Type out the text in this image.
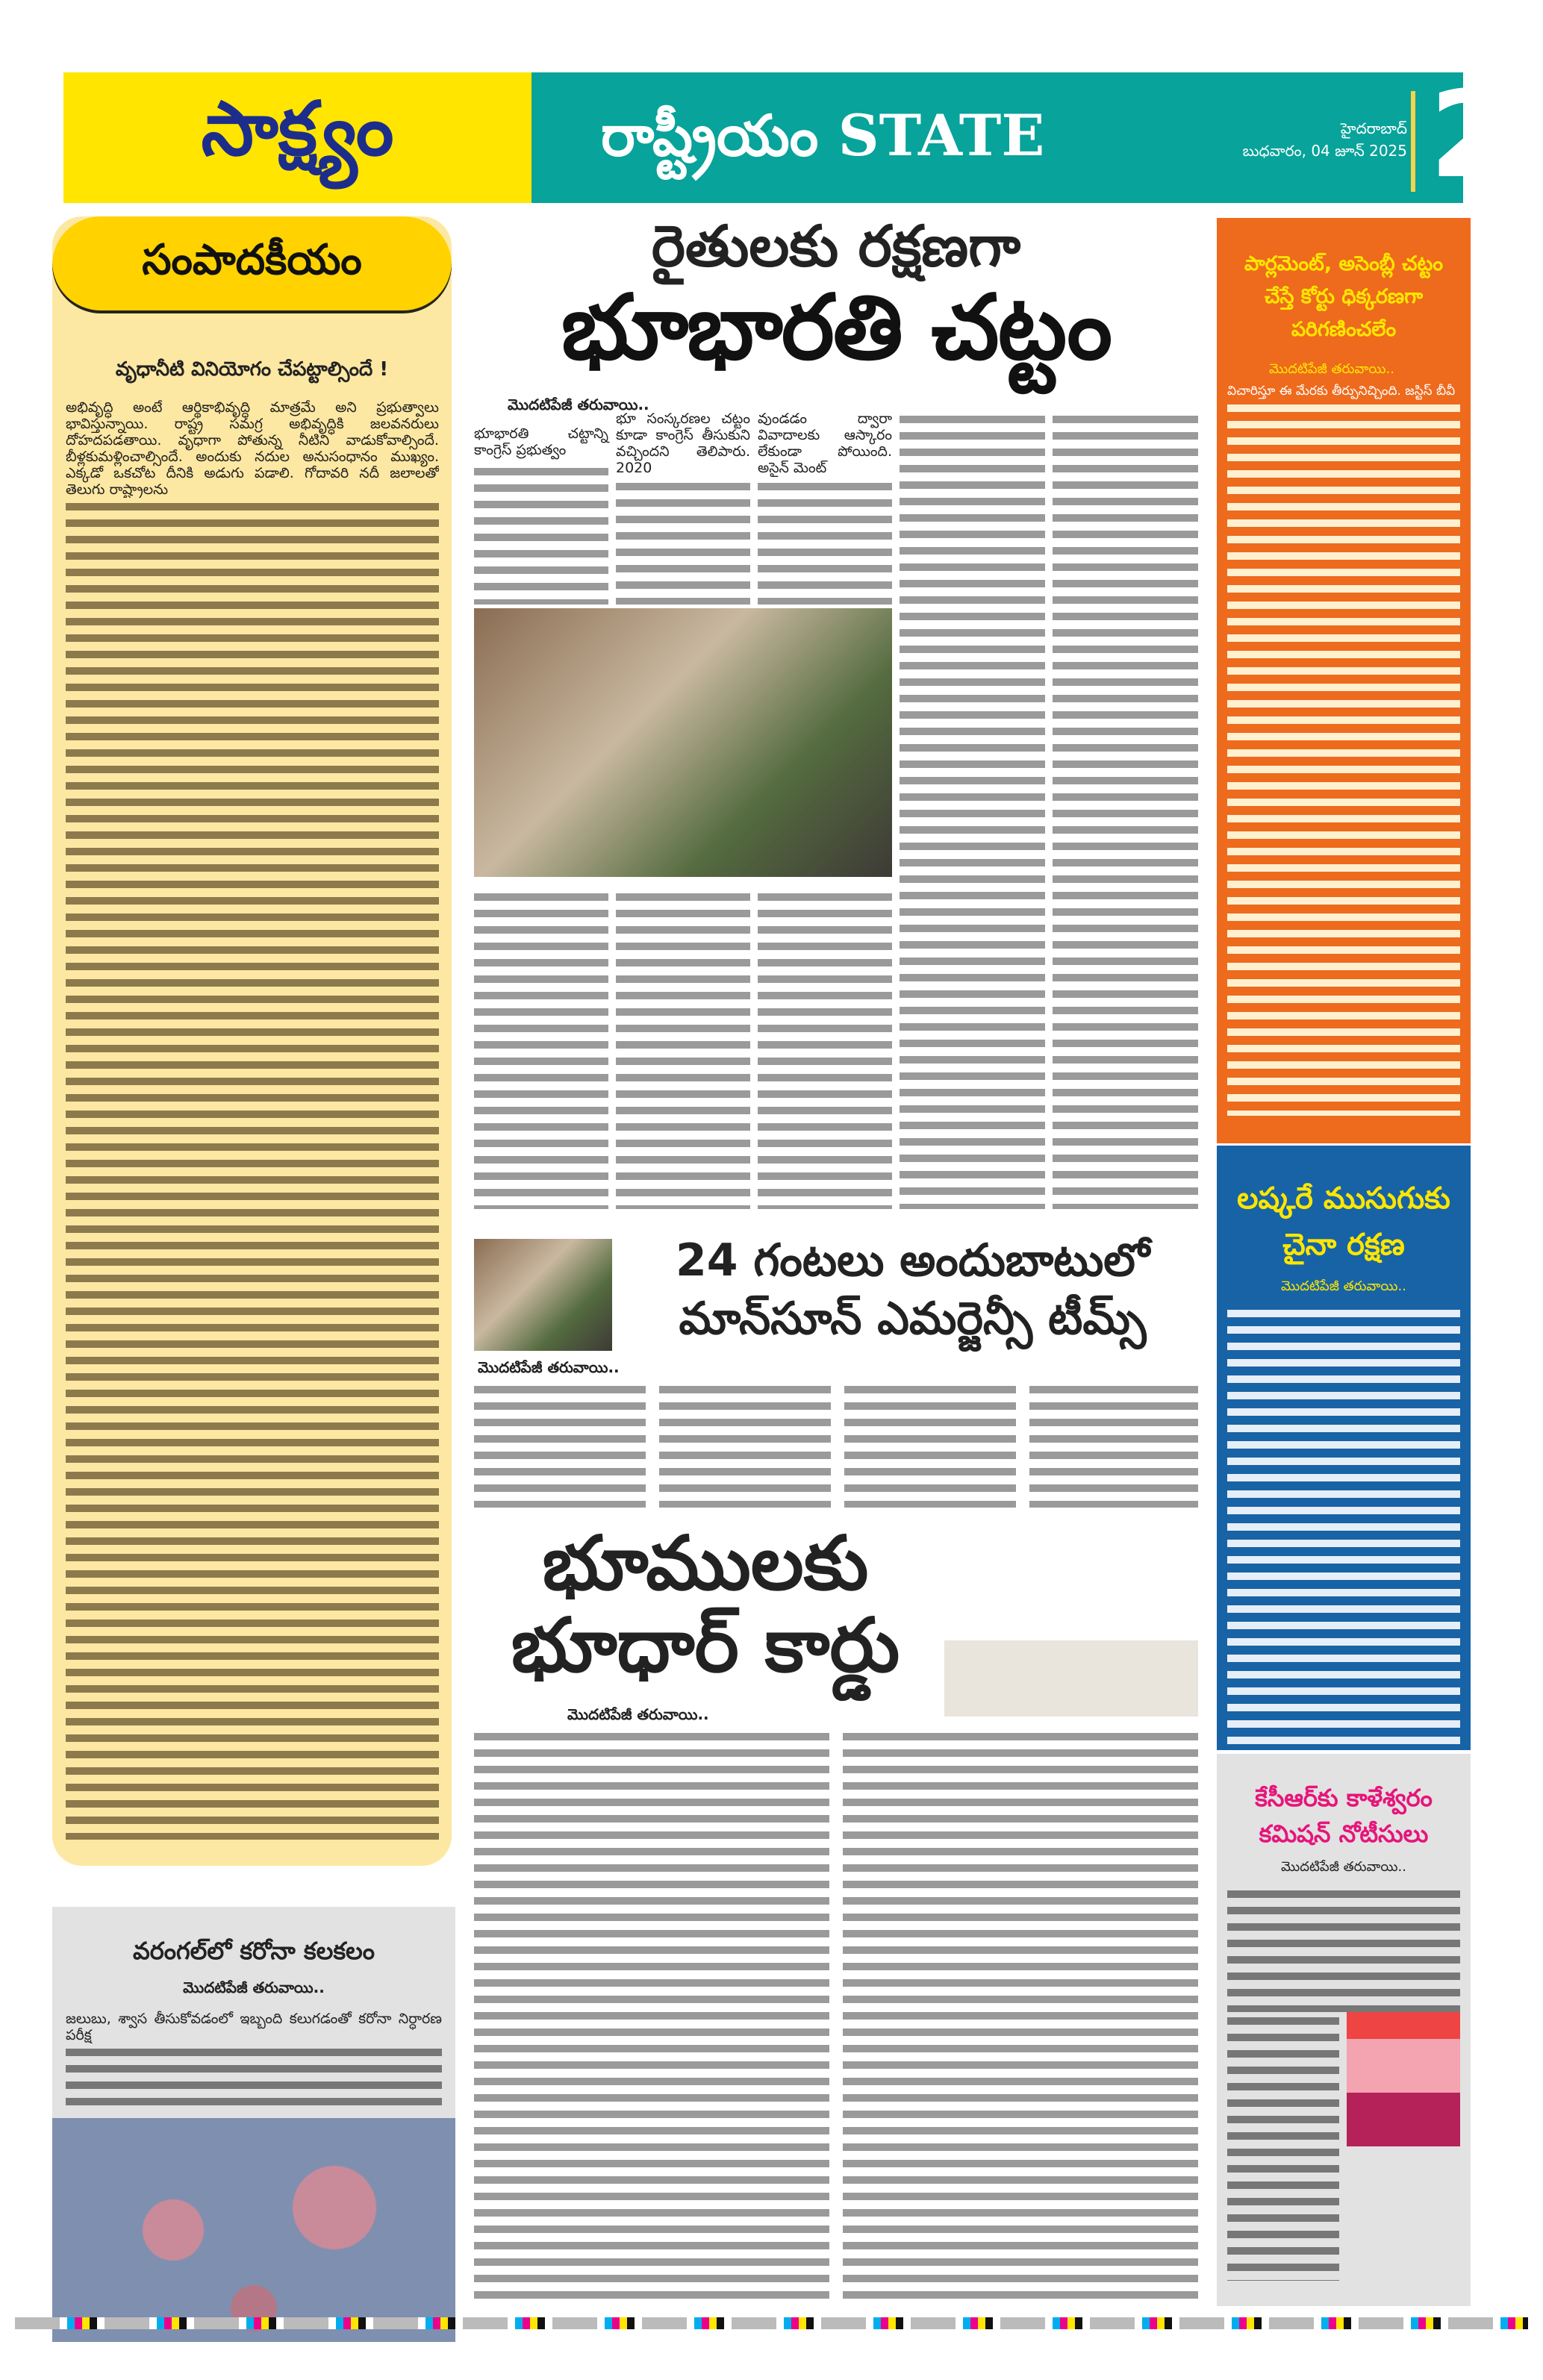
సాక్ష్యం	రాష్ట్రీయం STATE	హైదరాబాద్
బుధవారం, 04 జూన్ 2025 2
సంపాదకీయం
వృధానీటి వినియోగం చేపట్టాల్సిందే !
అభివృద్ధి అంటే ఆర్థికాభివృద్ధి మాత్రమే అని ప్రభుత్వాలు భావిస్తున్నాయి. రాష్ట్ర సమగ్ర అభివృద్ధికి జలవనరులు దోహదపడతాయి. వృధాగా పోతున్న నీటిని వాడుకోవాల్సిందే. బీళ్లకుమళ్లించాల్సిందే. అందుకు నదుల అనుసంధానం ముఖ్యం. ఎక్కడో ఒకచోట దీనికి అడుగు పడాలి. గోదావరి నదీ జలాలతో తెలుగు రాష్ట్రాలను
వరంగల్‌లో కరోనా కలకలం
మొదటిపేజీ తరువాయి..
జలుబు, శ్వాస తీసుకోవడంలో ఇబ్బంది కలుగడంతో కరోనా నిర్ధారణ పరీక్ష
రైతులకు రక్షణగా
భూభారతి చట్టం
మొదటిపేజీ తరువాయి..
భూభారతి చట్టాన్ని కాంగ్రెస్ ప్రభుత్వం
భూ సంస్కరణల చట్టం కూడా కాంగ్రెస్ తీసుకుని వచ్చిందని తెలిపారు. 2020
వుండడం ద్వారా వివాదాలకు ఆస్కారం లేకుండా పోయింది. అసైన్ మెంట్
24 గంటలు అందుబాటులో మాన్‌సూన్ ఎమర్జెన్సీ టీమ్స్
మొదటిపేజీ తరువాయి..
భూములకు భూధార్ కార్డు
మొదటిపేజీ తరువాయి..
పార్లమెంట్, అసెంబ్లీ చట్టం చేస్తే కోర్టు ధిక్కరణగా పరిగణించలేం
మొదటిపేజీ తరువాయి..
విచారిస్తూ ఈ మేరకు తీర్పునిచ్చింది. జస్టిస్ బీవీ
లష్కరే ముసుగుకు చైనా రక్షణ
మొదటిపేజీ తరువాయి..
కేసీఆర్‌కు కాళేశ్వరం కమిషన్ నోటీసులు
మొదటిపేజీ తరువాయి..
